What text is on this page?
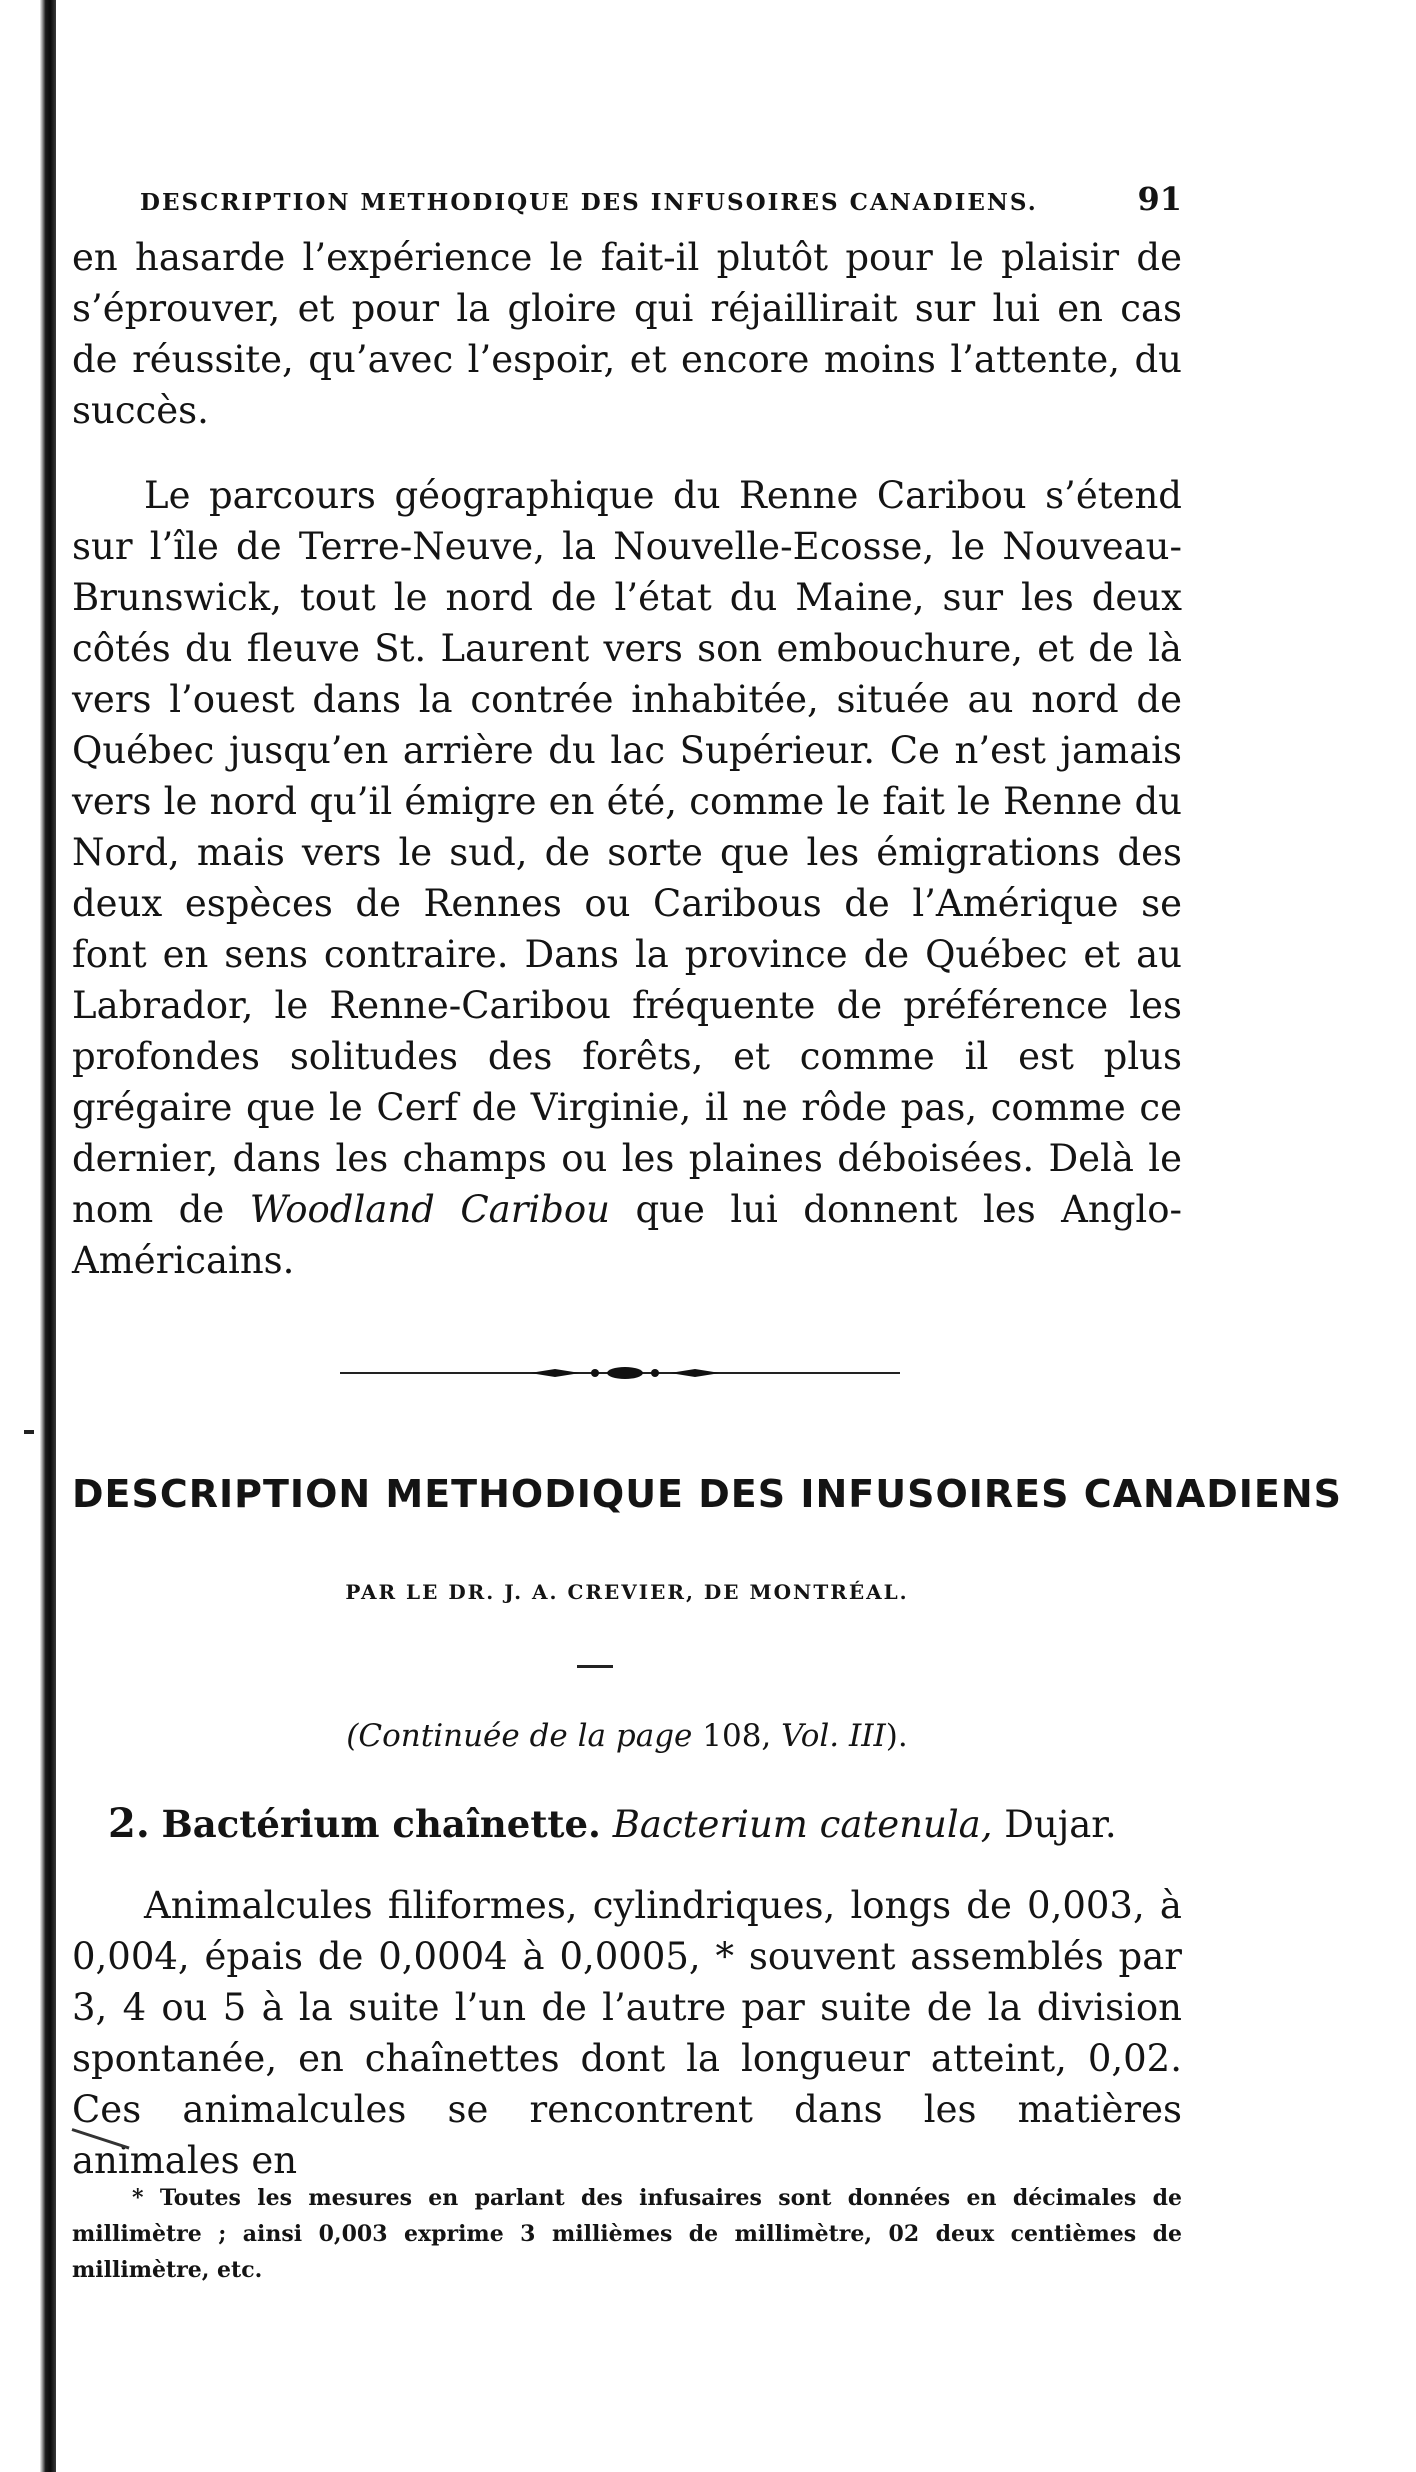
DESCRIPTION METHODIQUE DES INFUSOIRES CANADIENS.	91
en hasarde l’expérience le fait-il plutôt pour le plaisir de s’éprouver, et pour la gloire qui réjaillirait sur lui en cas de réussite, qu’avec l’espoir, et encore moins l’attente, du succès.
Le parcours géographique du Renne Caribou s’étend sur l’île de Terre-Neuve, la Nouvelle-Ecosse, le Nouveau-Brunswick, tout le nord de l’état du Maine, sur les deux côtés du fleuve St. Laurent vers son embouchure, et de là vers l’ouest dans la contrée inhabitée, située au nord de Québec jusqu’en arrière du lac Supérieur. Ce n’est jamais vers le nord qu’il émigre en été, comme le fait le Renne du Nord, mais vers le sud, de sorte que les émigrations des deux espèces de Rennes ou Caribous de l’Amérique se font en sens contraire. Dans la province de Québec et au Labrador, le Renne-Caribou fréquente de préférence les profondes solitudes des forêts, et comme il est plus grégaire que le Cerf de Virginie, il ne rôde pas, comme ce dernier, dans les champs ou les plaines déboisées. Delà le nom de Woodland Caribou que lui donnent les Anglo-Américains.
DESCRIPTION METHODIQUE DES INFUSOIRES CANADIENS
PAR LE DR. J. A. CREVIER, DE MONTRÉAL.
(Continuée de la page 108, Vol. III).
2. Bactérium chaînette. Bacterium catenula, Dujar.
Animalcules filiformes, cylindriques, longs de 0,003, à 0,004, épais de 0,0004 à 0,0005, * souvent assemblés par 3, 4 ou 5 à la suite l’un de l’autre par suite de la division spontanée, en chaînettes dont la longueur atteint, 0,02. Ces animalcules se rencontrent dans les matières animales en
* Toutes les mesures en parlant des infusaires sont données en décimales de millimètre ; ainsi 0,003 exprime 3 millièmes de millimètre, 02 deux centièmes de millimètre, etc.
